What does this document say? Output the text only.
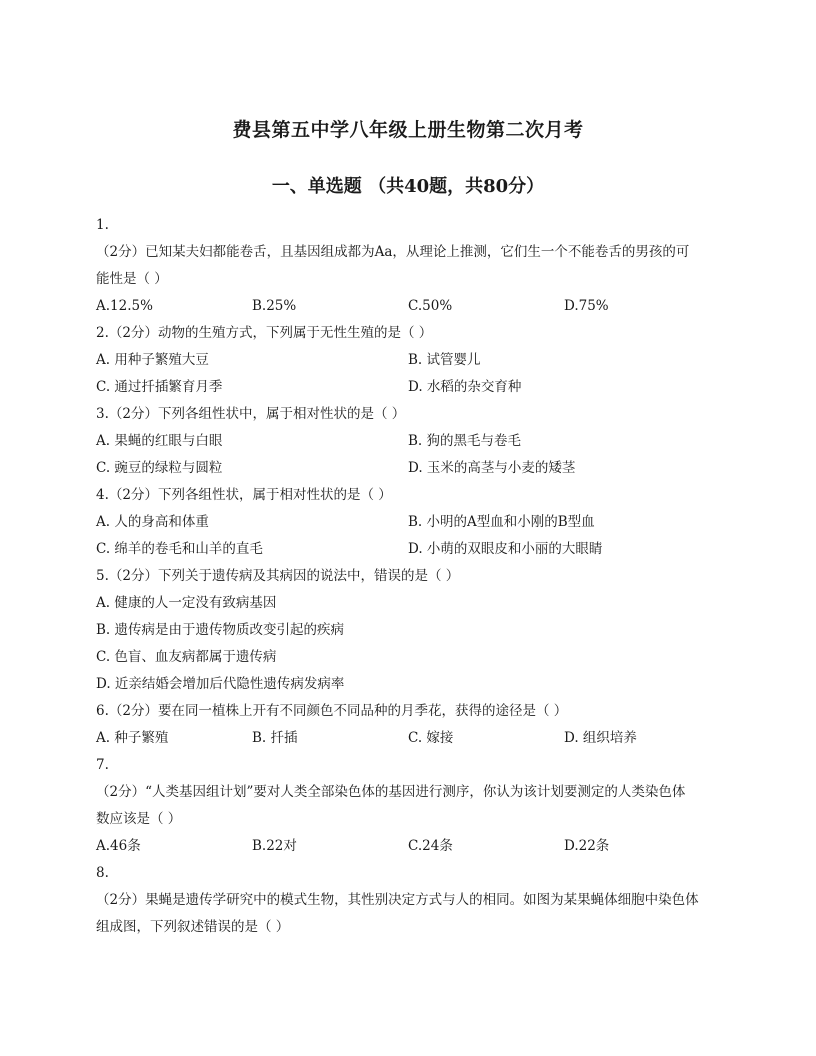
费县第五中学八年级上册生物第二次月考
一、单选题 （共40题，共80分）
1.
（2分）已知某夫妇都能卷舌，且基因组成都为Aa，从理论上推测，它们生一个不能卷舌的男孩的可
能性是（ ）
A.12.5%	B.25%	C.50%	D.75%
2.（2分）动物的生殖方式，下列属于无性生殖的是（ ）
A. 用种子繁殖大豆	B. 试管婴儿
C. 通过扦插繁育月季	D. 水稻的杂交育种
3.（2分）下列各组性状中，属于相对性状的是（ ）
A. 果蝇的红眼与白眼	B. 狗的黑毛与卷毛
C. 豌豆的绿粒与圆粒	D. 玉米的高茎与小麦的矮茎
4.（2分）下列各组性状，属于相对性状的是（ ）
A. 人的身高和体重	B. 小明的A型血和小刚的B型血
C. 绵羊的卷毛和山羊的直毛	D. 小萌的双眼皮和小丽的大眼睛
5.（2分）下列关于遗传病及其病因的说法中，错误的是（ ）
A. 健康的人一定没有致病基因
B. 遗传病是由于遗传物质改变引起的疾病
C. 色盲、血友病都属于遗传病
D. 近亲结婚会增加后代隐性遗传病发病率
6.（2分）要在同一植株上开有不同颜色不同品种的月季花，获得的途径是（ ）
A. 种子繁殖	B. 扦插	C. 嫁接	D. 组织培养
7.
（2分）“人类基因组计划”要对人类全部染色体的基因进行测序，你认为该计划要测定的人类染色体
数应该是（ ）
A.46条	B.22对	C.24条	D.22条
8.
（2分）果蝇是遗传学研究中的模式生物，其性别决定方式与人的相同。如图为某果蝇体细胞中染色体
组成图，下列叙述错误的是（ ）
